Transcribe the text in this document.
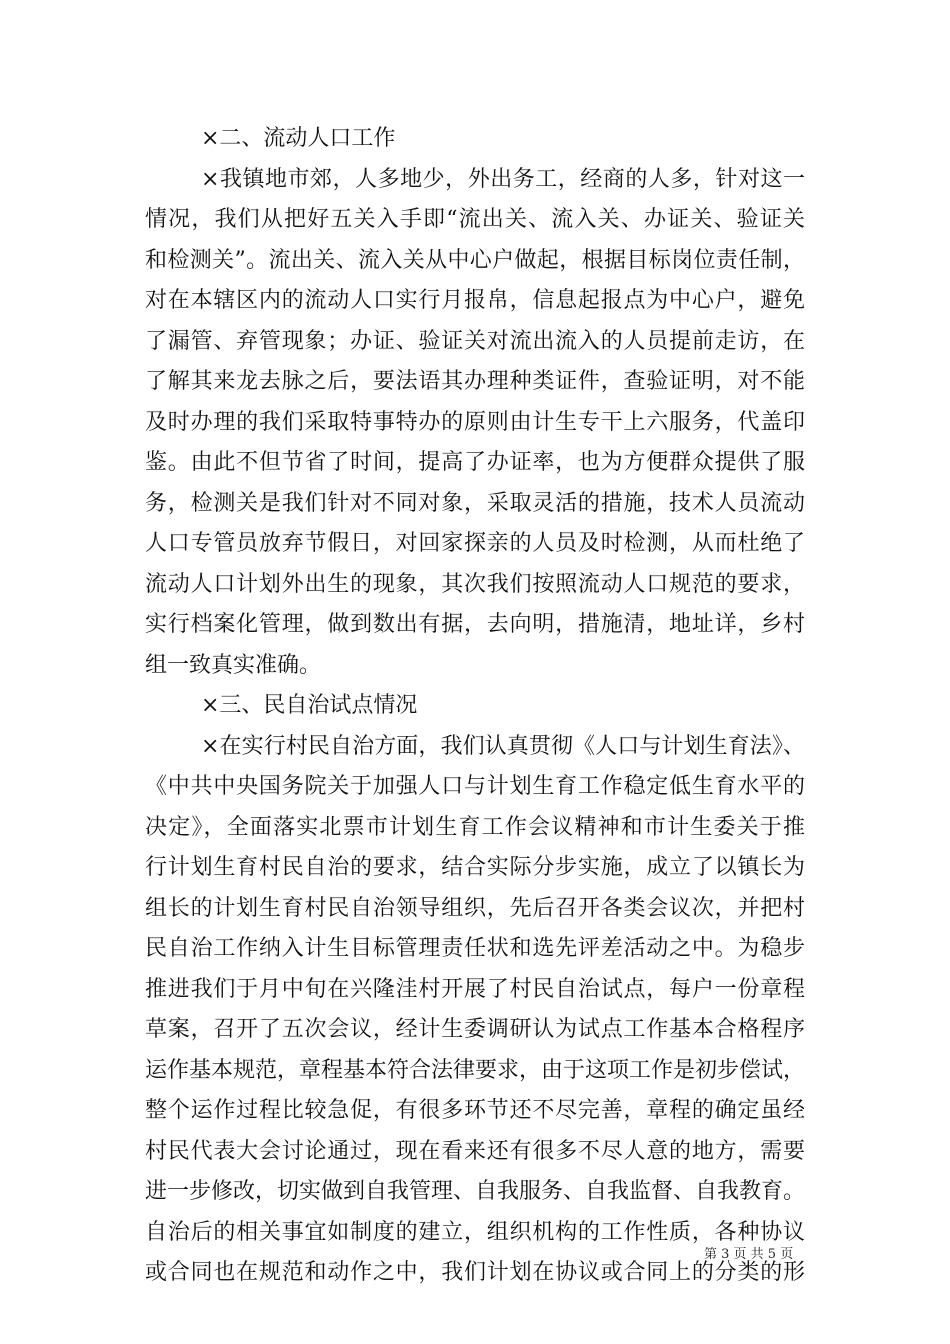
×二、流动人口工作
×我镇地市郊，人多地少，外出务工，经商的人多，针对这一
情况，我们从把好五关入手即“流出关、流入关、办证关、验证关
和检测关”。流出关、流入关从中心户做起，根据目标岗位责任制，
对在本辖区内的流动人口实行月报帛，信息起报点为中心户，避免
了漏管、弃管现象；办证、验证关对流出流入的人员提前走访，在
了解其来龙去脉之后，要法语其办理种类证件，查验证明，对不能
及时办理的我们采取特事特办的原则由计生专干上六服务，代盖印
鉴。由此不但节省了时间，提高了办证率，也为方便群众提供了服
务，检测关是我们针对不同对象，采取灵活的措施，技术人员流动
人口专管员放弃节假日，对回家探亲的人员及时检测，从而杜绝了
流动人口计划外出生的现象，其次我们按照流动人口规范的要求，
实行档案化管理，做到数出有据，去向明，措施清，地址详，乡村
组一致真实准确。
×三、民自治试点情况
×在实行村民自治方面，我们认真贯彻《人口与计划生育法》、
《中共中央国务院关于加强人口与计划生育工作稳定低生育水平的
决定》，全面落实北票市计划生育工作会议精神和市计生委关于推
行计划生育村民自治的要求，结合实际分步实施，成立了以镇长为
组长的计划生育村民自治领导组织，先后召开各类会议次，并把村
民自治工作纳入计生目标管理责任状和选先评差活动之中。为稳步
推进我们于月中旬在兴隆洼村开展了村民自治试点，每户一份章程
草案，召开了五次会议，经计生委调研认为试点工作基本合格程序
运作基本规范，章程基本符合法律要求，由于这项工作是初步偿试，
整个运作过程比较急促，有很多环节还不尽完善，章程的确定虽经
村民代表大会讨论通过，现在看来还有很多不尽人意的地方，需要
进一步修改，切实做到自我管理、自我服务、自我监督、自我教育。
自治后的相关事宜如制度的建立，组织机构的工作性质，各种协议
或合同也在规范和动作之中，我们计划在协议或合同上的分类的形
第 3 页 共 5 页
